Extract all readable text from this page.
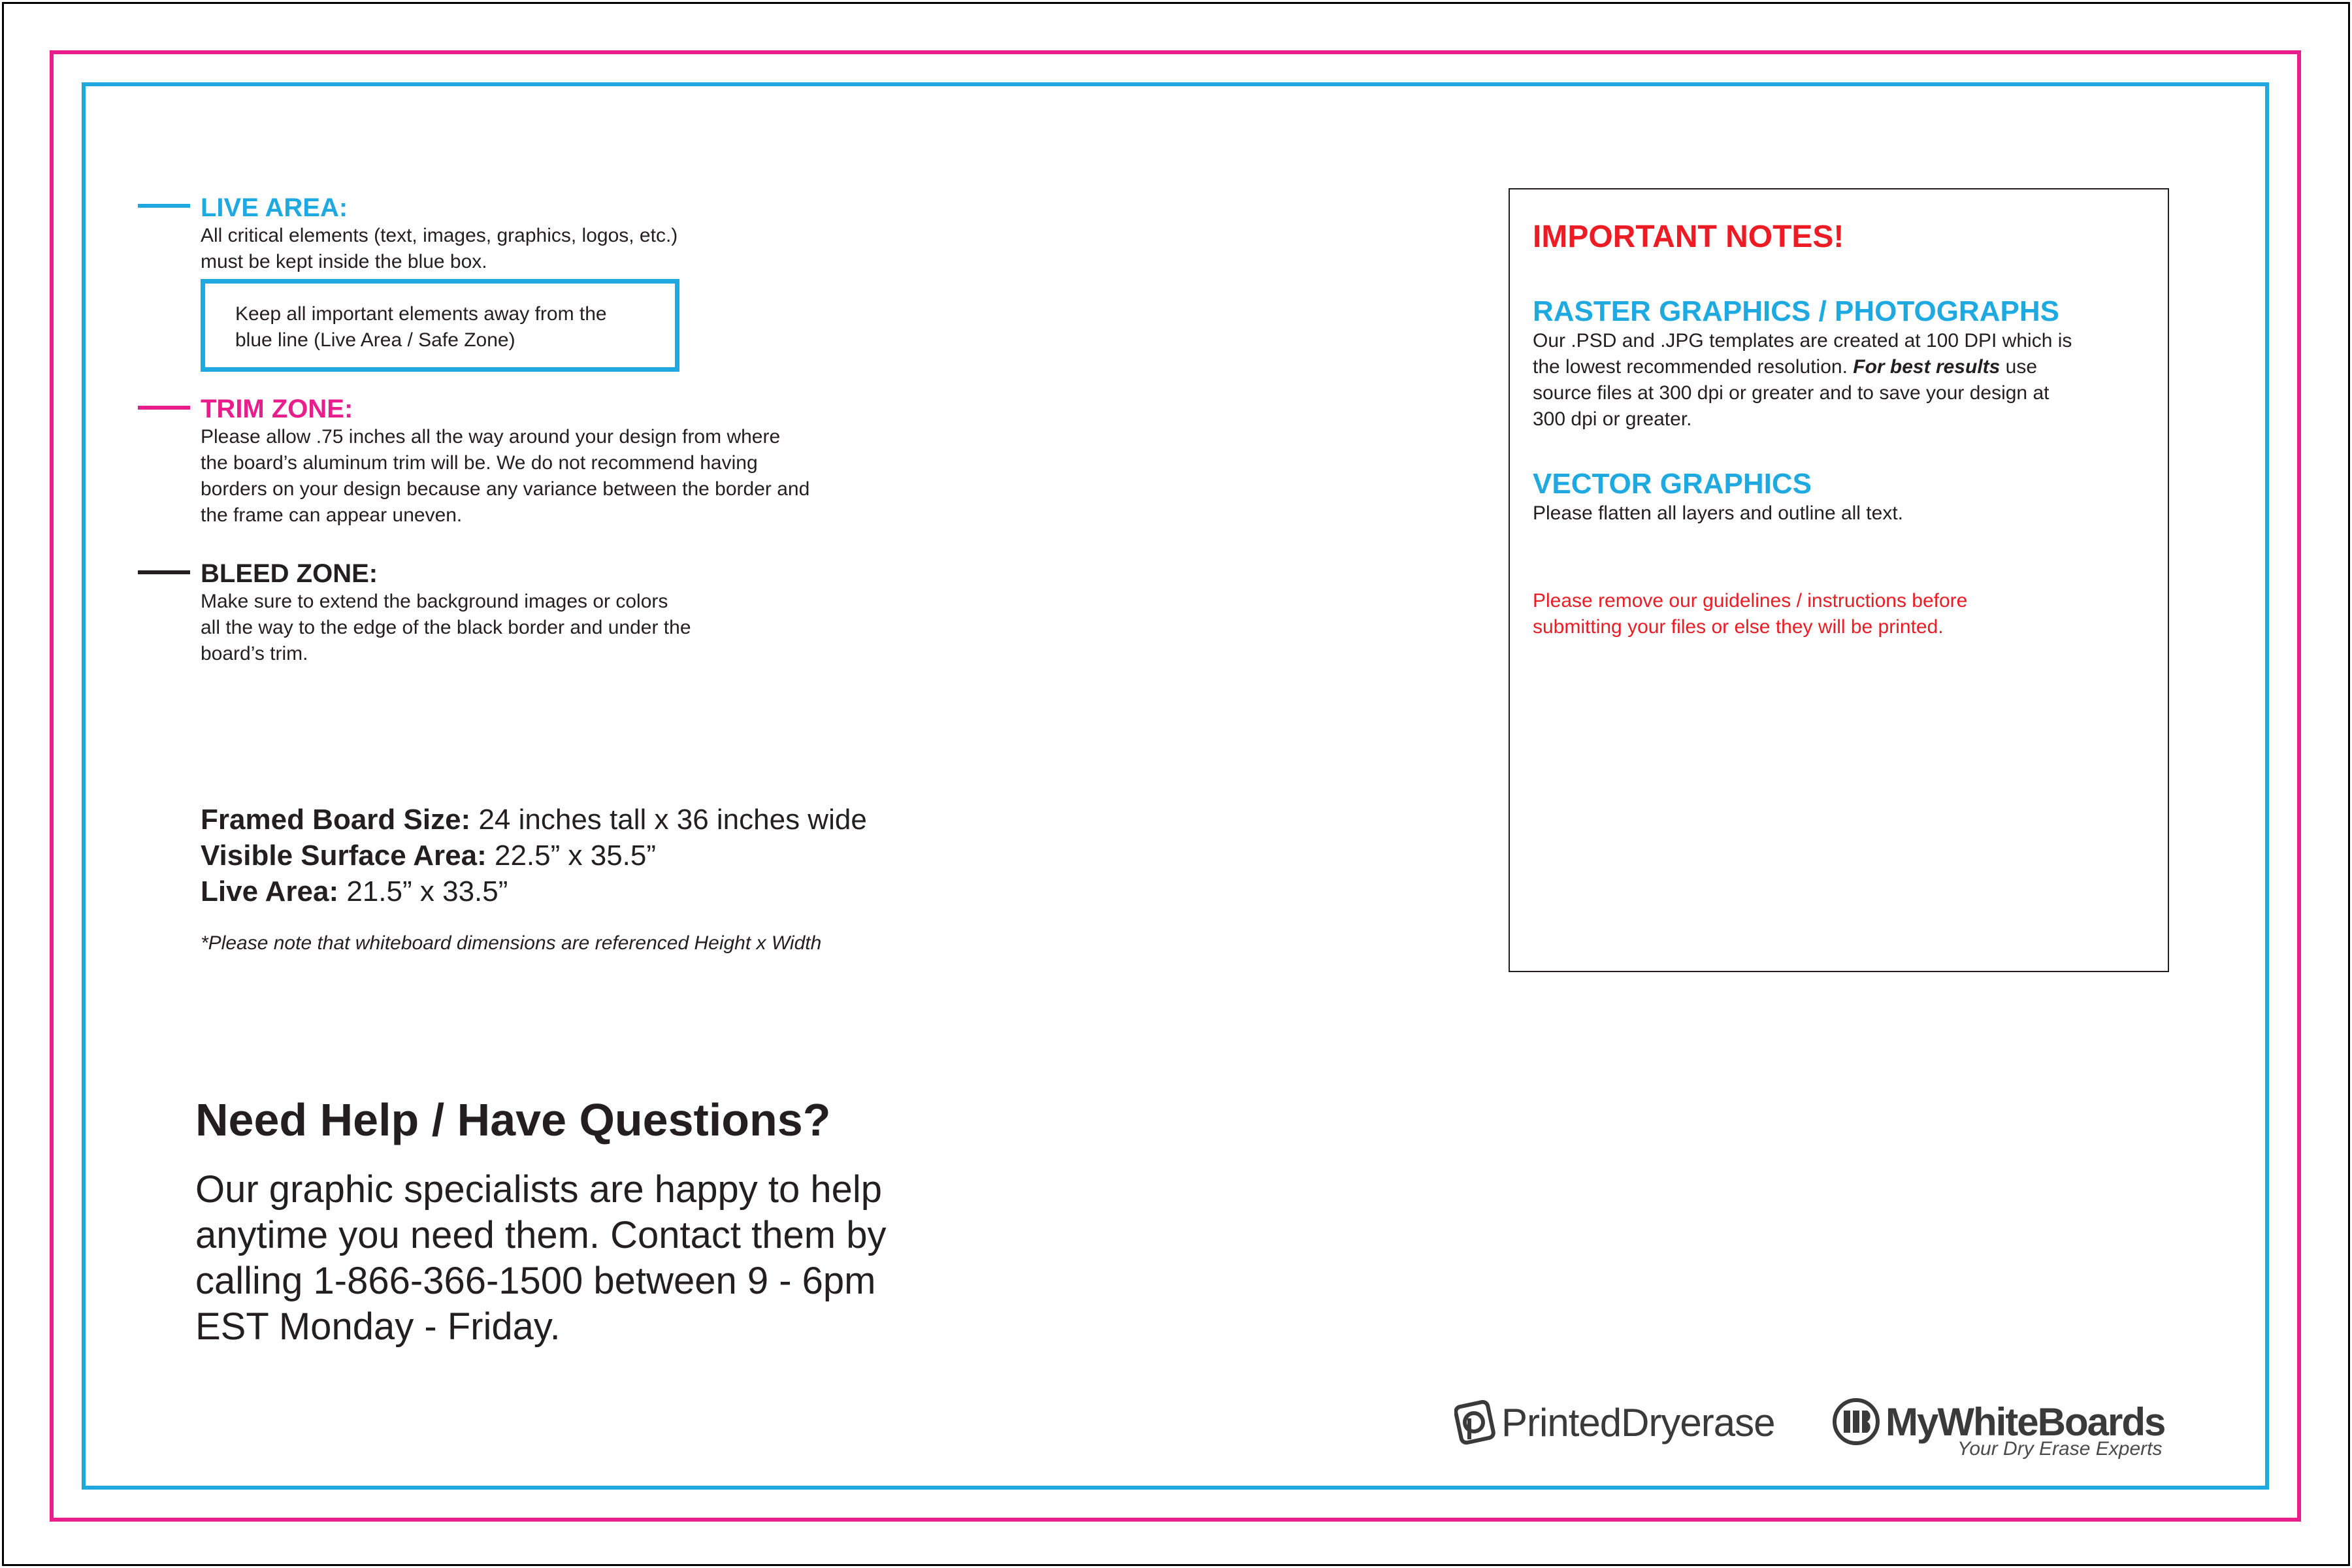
LIVE AREA:
All critical elements (text, images, graphics, logos, etc.)
must be kept inside the blue box.
Keep all important elements away from the
blue line (Live Area / Safe Zone)
TRIM ZONE:
Please allow .75 inches all the way around your design from where
the board’s aluminum trim will be. We do not recommend having
borders on your design because any variance between the border and
the frame can appear uneven.
BLEED ZONE:
Make sure to extend the background images or colors
all the way to the edge of the black border and under the
board’s trim.
Framed Board Size: 24 inches tall x 36 inches wide
Visible Surface Area: 22.5” x 35.5”
Live Area: 21.5” x 33.5”
*Please note that whiteboard dimensions are referenced Height x Width
Need Help / Have Questions?
Our graphic specialists are happy to help
anytime you need them. Contact them by
calling 1-866-366-1500 between 9 - 6pm
EST Monday - Friday.
IMPORTANT NOTES!
RASTER GRAPHICS / PHOTOGRAPHS
Our .PSD and .JPG templates are created at 100 DPI which is
the lowest recommended resolution. For best results use
source files at 300 dpi or greater and to save your design at
300 dpi or greater.
VECTOR GRAPHICS
Please flatten all layers and outline all text.
Please remove our guidelines / instructions before
submitting your files or else they will be printed.
PrintedDryerase	MyWhiteBoards
Your Dry Erase Experts
